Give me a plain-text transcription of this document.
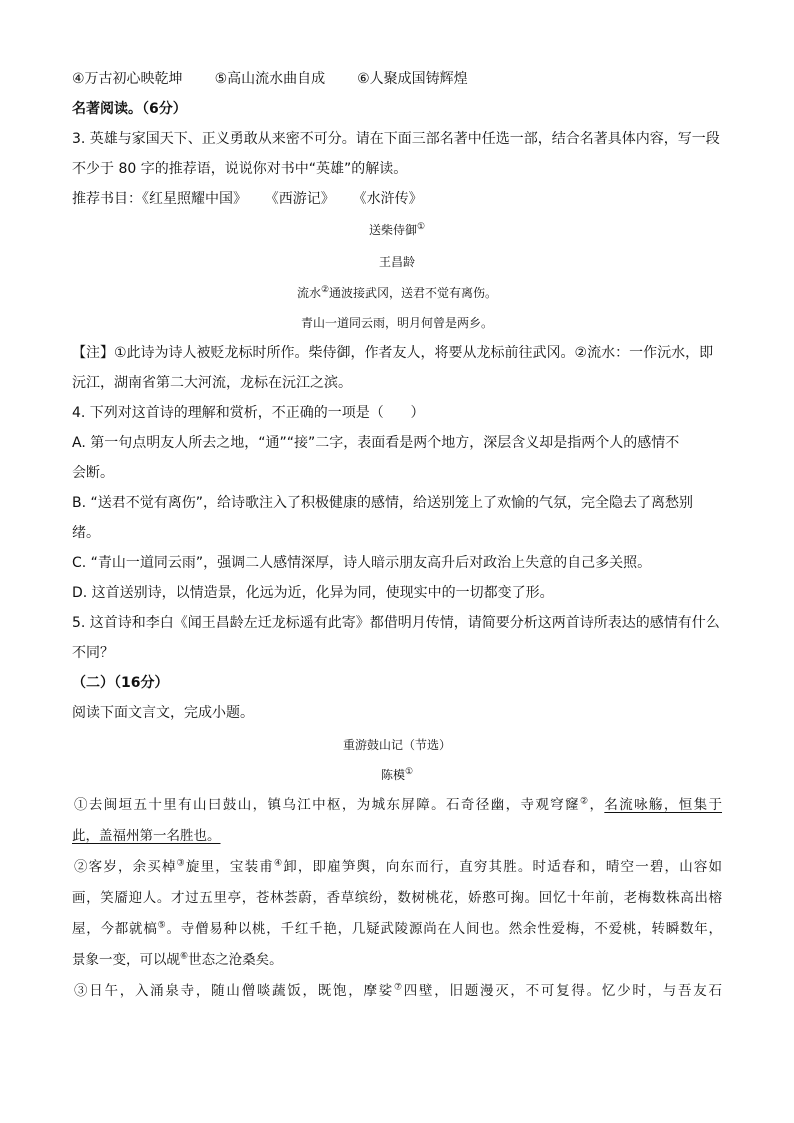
④万古初心映乾坤 ⑤高山流水曲自成 ⑥人聚成国铸辉煌
名著阅读。（6分）
3. 英雄与家国天下、正义勇敢从来密不可分。请在下面三部名著中任选一部，结合名著具体内容，写一段
不少于 80 字的推荐语，说说你对书中“英雄”的解读。
推荐书目：《红星照耀中国》    《西游记》    《水浒传》
送柴侍御①
王昌龄
流水②通波接武冈，送君不觉有离伤。
青山一道同云雨，明月何曾是两乡。
【注】①此诗为诗人被贬龙标时所作。柴侍御，作者友人，将要从龙标前往武冈。②流水：一作沅水，即
沅江，湖南省第二大河流，龙标在沅江之滨。
4. 下列对这首诗的理解和赏析，不正确的一项是（      ）
A. 第一句点明友人所去之地，“通”“接”二字，表面看是两个地方，深层含义却是指两个人的感情不
会断。
B. “送君不觉有离伤”，给诗歌注入了积极健康的感情，给送别笼上了欢愉的气氛，完全隐去了离愁别
绪。
C. “青山一道同云雨”，强调二人感情深厚，诗人暗示朋友高升后对政治上失意的自己多关照。
D. 这首送别诗，以情造景，化远为近，化异为同，使现实中的一切都变了形。
5. 这首诗和李白《闻王昌龄左迁龙标遥有此寄》都借明月传情，请简要分析这两首诗所表达的感情有什么
不同？
（二）（16分）
阅读下面文言文，完成小题。
重游鼓山记（节选）
陈模①
①去闽垣五十里有山曰鼓山，镇乌江中枢，为城东屏障。石奇径幽，寺观穹窿②，名流咏觞，恒集于
此，盖福州第一名胜也。
②客岁，余买棹③旋里，宝装甫④卸，即雇笋舆，向东而行，直穷其胜。时适春和，晴空一碧，山容如
画，笑靥迎人。才过五里亭，苍林荟蔚，香草缤纷，数树桃花，娇憨可掬。回忆十年前，老梅数株高出榕
屋，今都就槁⑤。寺僧易种以桃，千红千艳，几疑武陵源尚在人间也。然余性爱梅，不爱桃，转瞬数年，
景象一变，可以觇⑥世态之沧桑矣。
③日午，入涌泉寺，随山僧啖蔬饭，既饱，摩娑⑦四壁，旧题漫灭，不可复得。忆少时，与吾友石
